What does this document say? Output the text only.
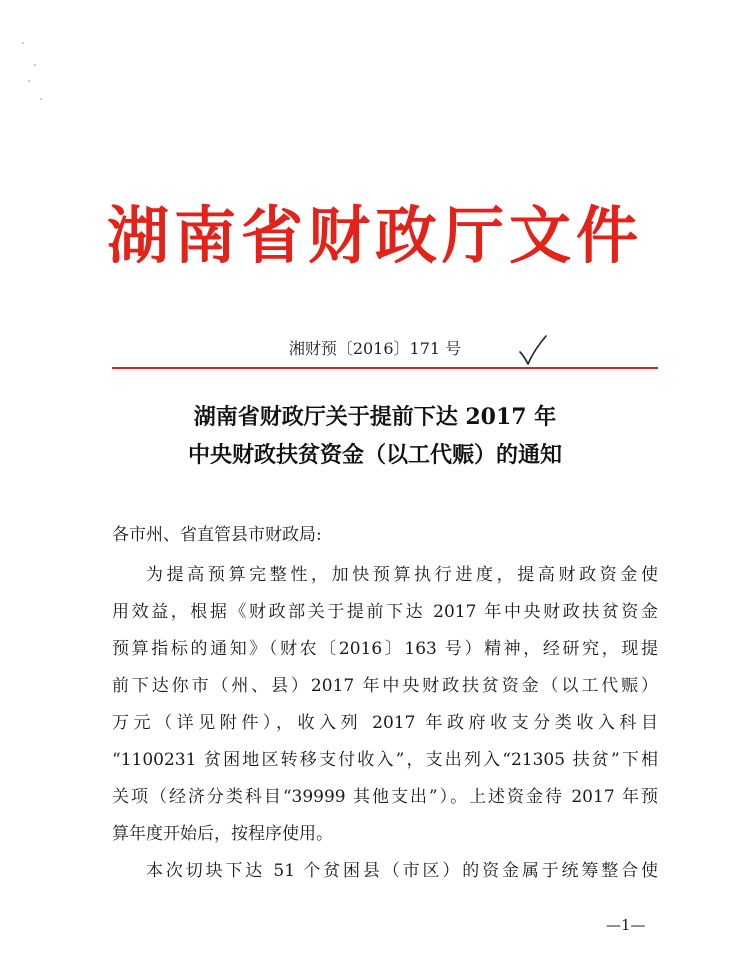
湖南省财政厅文件
湘财预〔2016〕171 号
湖南省财政厅关于提前下达 2017 年
中央财政扶贫资金（以工代赈）的通知
各市州、省直管县市财政局:
为提高预算完整性，加快预算执行进度，提高财政资金使
用效益，根据《财政部关于提前下达 2017 年中央财政扶贫资金
预算指标的通知》（财农〔2016〕163 号）精神，经研究，现提
前下达你市（州、县）2017 年中央财政扶贫资金（以工代赈）
万元（详见附件），收入列 2017 年政府收支分类收入科目
“1100231 贫困地区转移支付收入”，支出列入“21305 扶贫”下相
关项（经济分类科目“39999 其他支出”）。上述资金待 2017 年预
算年度开始后，按程序使用。
本次切块下达 51 个贫困县（市区）的资金属于统筹整合使
—1—
